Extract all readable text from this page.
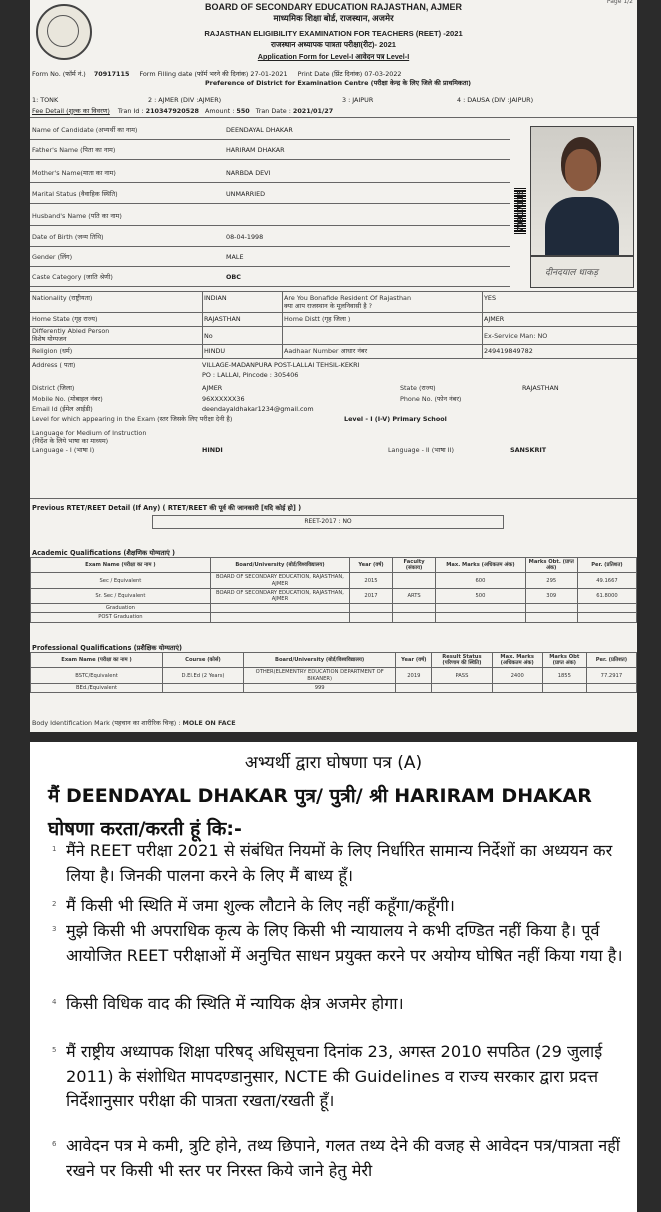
Page 1/2
BOARD OF SECONDARY EDUCATION RAJASTHAN, AJMER
माध्यमिक शिक्षा बोर्ड, राजस्थान, अजमेर
RAJASTHAN ELIGIBILITY EXAMINATION FOR TEACHERS (REET) -2021
राजस्थान अध्यापक पात्रता परीक्षा(रीट)- 2021
Application Form for Level-I आवेदन पत्र Level-I
Form No. (फॉर्म नं.) 70917115 Form Filling date (फॉर्म भरने की दिनांक) 27-01-2021 Print Date (प्रिंट दिनांक) 07-03-2022
Preference of District for Examination Centre (परीक्षा केन्द्र के लिए जिले की प्राथमिकता)
1: TONK	2 : AJMER (DIV :AJMER)	3 : JAIPUR	4 : DAUSA (DIV :JAIPUR)
Fee Detail (शुल्क का विवरण) Tran Id : 210347920528 Amount : 550 Tran Date : 2021/01/27
Name of Candidate (अभ्यर्थी का नाम)	DEENDAYAL DHAKAR
Father's Name (पिता का नाम)	HARIRAM DHAKAR
Mother's Name(माता का नाम)	NARBDA DEVI
Marital Status (वैवाहिक स्थिति)	UNMARRIED
Husband's Name (पति का नाम)
Date of Birth (जन्म तिथि)	08-04-1998
Gender (लिंग)	MALE
Caste Category (जाति श्रेणी)	OBC
70917115
दीनदयाल धाकड़
Nationality (राष्ट्रीयता)	INDIAN	Are You Bonafide Resident Of Rajasthan
क्या आप राजस्थान के मूलनिवासी है ?
YES
Home State (गृह राज्य)	RAJASTHAN	Home Distt (गृह जिला )	AJMER
Differently Abled Person
विशेष योग्यजन	No	Ex-Service Man: NO
Religion (धर्म)	HINDU	Aadhaar Number आधार नंबर	249419849782
Address ( पता)	VILLAGE-MADANPURA POST-LALLAI TEHSIL-KEKRI
PO : LALLAI, Pincode : 305406
District (जिला)	AJMER	State (राज्य)	RAJASTHAN
Mobile No. (मोबाइल नंबर)	96XXXXXX36	Phone No. (फोन नंबर)
Email Id (ईमेल आईडी)	deendayaldhakar1234@gmail.com
Level for which appearing in the Exam (स्तर जिसके लिए परीक्षा देनी है)	Level - I (I-V) Primary School
Language for Medium of Instruction
(निर्देश के लिये भाषा का माध्यम)
Language - I (भाषा I)	HINDI	Language - II (भाषा II)	SANSKRIT
Previous RTET/REET Detail (If Any) ( RTET/REET की पूर्व की जानकारी [यदि कोई हो] )
REET-2017 : NO
Academic Qualifications (शैक्षणिक योग्यताएं )
Exam Name (परीक्षा का नाम )	Board/University (बोर्ड/विश्वविद्यालय)	Year (वर्ष)	Faculty (संकाय)	Max. Marks (अधिकतम अंक)	Marks Obt. (प्राप्त अंक)	Per. (प्रतिशत)
Sec / Equivalent	BOARD OF SECONDARY EDUCATION, RAJASTHAN, AJMER	2015		600	295	49.1667
Sr. Sec / Equivalent	BOARD OF SECONDARY EDUCATION, RAJASTHAN, AJMER	2017	ARTS	500	309	61.8000
Graduation						
POST Graduation						
Professional Qualifications (प्रशैक्षिक योग्यताएं)
Exam Name (परीक्षा का नाम )	Course (कोर्स)	Board/University (बोर्ड/विश्वविद्यालय)	Year (वर्ष)	Result Status (परिणाम की स्थिति)	Max. Marks (अधिकतम अंक)	Marks Obt (प्राप्त अंक)	Per. (प्रतिशत)
BSTC/Equivalent	D.El.Ed (2 Years)	OTHER(ELEMENTRY EDUCATION DEPARTMENT OF BIKANER)	2019	PASS	2400	1855	77.2917
BEd./Equivalent		999					
Body Identification Mark (पहचान का शारीरिक चिन्ह) : MOLE ON FACE
अभ्यर्थी द्वारा घोषणा पत्र (A)
मैं DEENDAYAL DHAKAR पुत्र/ पुत्री/ श्री HARIRAM DHAKAR घोषणा करता/करती हूं कि:-
1 मैंने REET परीक्षा 2021 से संबंधित नियमों के लिए निर्धारित सामान्य निर्देशों का अध्ययन कर लिया है। जिनकी पालना करने के लिए मैं बाध्य हूँ।
2 मैं किसी भी स्थिति में जमा शुल्क लौटाने के लिए नहीं कहूँगा/कहूँगी।
3 मुझे किसी भी अपराधिक कृत्य के लिए किसी भी न्यायालय ने कभी दण्डित नहीं किया है। पूर्व आयोजित REET परीक्षाओं में अनुचित साधन प्रयुक्त करने पर अयोग्य घोषित नहीं किया गया है।
4 किसी विधिक वाद की स्थिति में न्यायिक क्षेत्र अजमेर होगा।
5 मैं राष्ट्रीय अध्यापक शिक्षा परिषद् अधिसूचना दिनांक 23, अगस्त 2010 सपठित (29 जुलाई 2011) के संशोधित मापदण्डानुसार, NCTE की Guidelines व राज्य सरकार द्वारा प्रदत्त निर्देशानुसार परीक्षा की पात्रता रखता/रखती हूँ।
6 आवेदन पत्र मे कमी, त्रुटि होने, तथ्य छिपाने, गलत तथ्य देने की वजह से आवेदन पत्र/पात्रता नहीं रखने पर किसी भी स्तर पर निरस्त किये जाने हेतु मेरी
